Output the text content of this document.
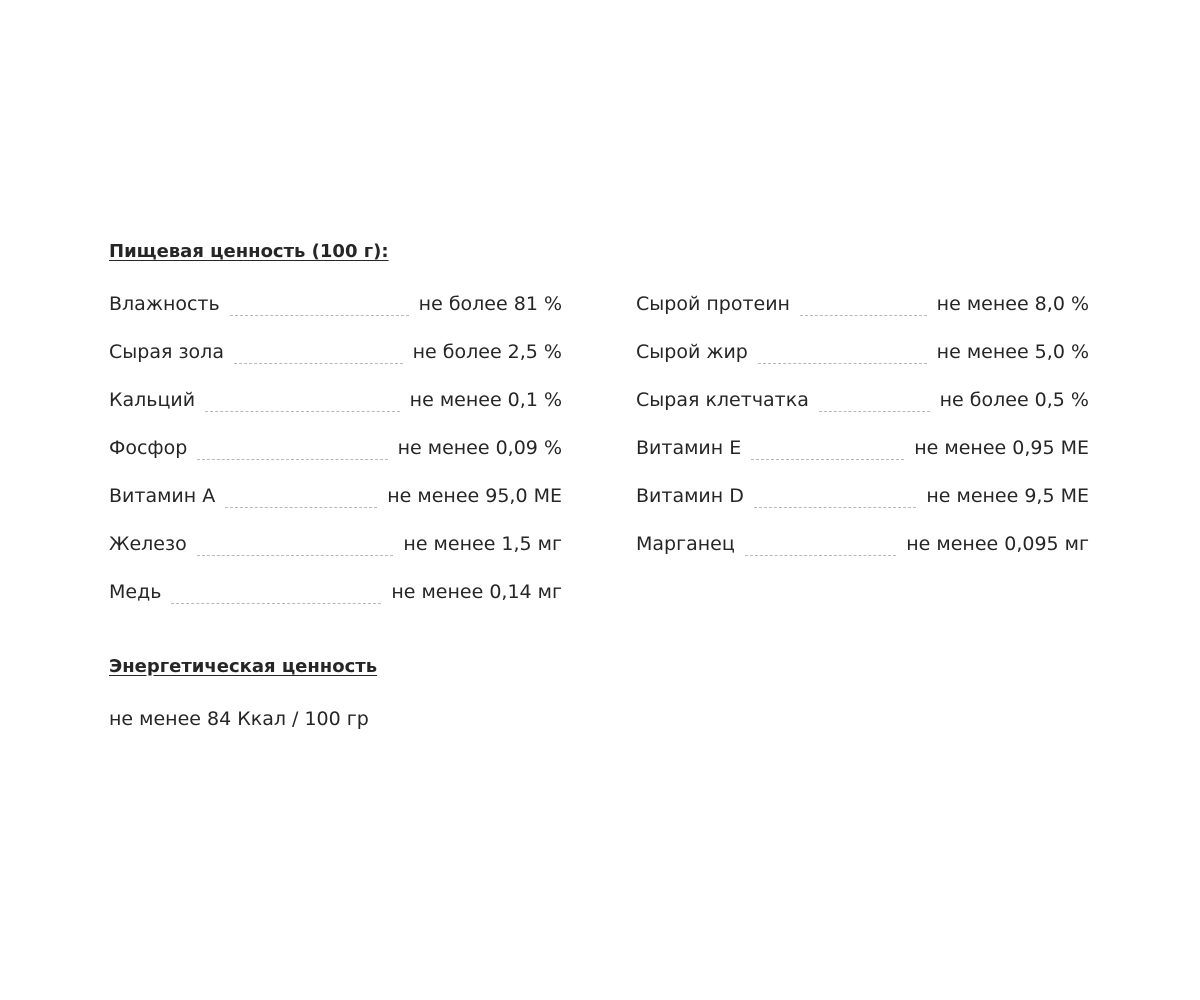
Пищевая ценность (100 г):
Влажность	не более 81 %
Сырая зола	не более 2,5 %
Кальций	не менее 0,1 %
Фосфор	не менее 0,09 %
Витамин А	не менее 95,0 МЕ
Железо	не менее 1,5 мг
Медь	не менее 0,14 мг
Сырой протеин	не менее 8,0 %
Сырой жир	не менее 5,0 %
Сырая клетчатка	не более 0,5 %
Витамин Е	не менее 0,95 МЕ
Витамин D	не менее 9,5 МЕ
Марганец	не менее 0,095 мг
Энергетическая ценность
не менее 84 Ккал / 100 гр
